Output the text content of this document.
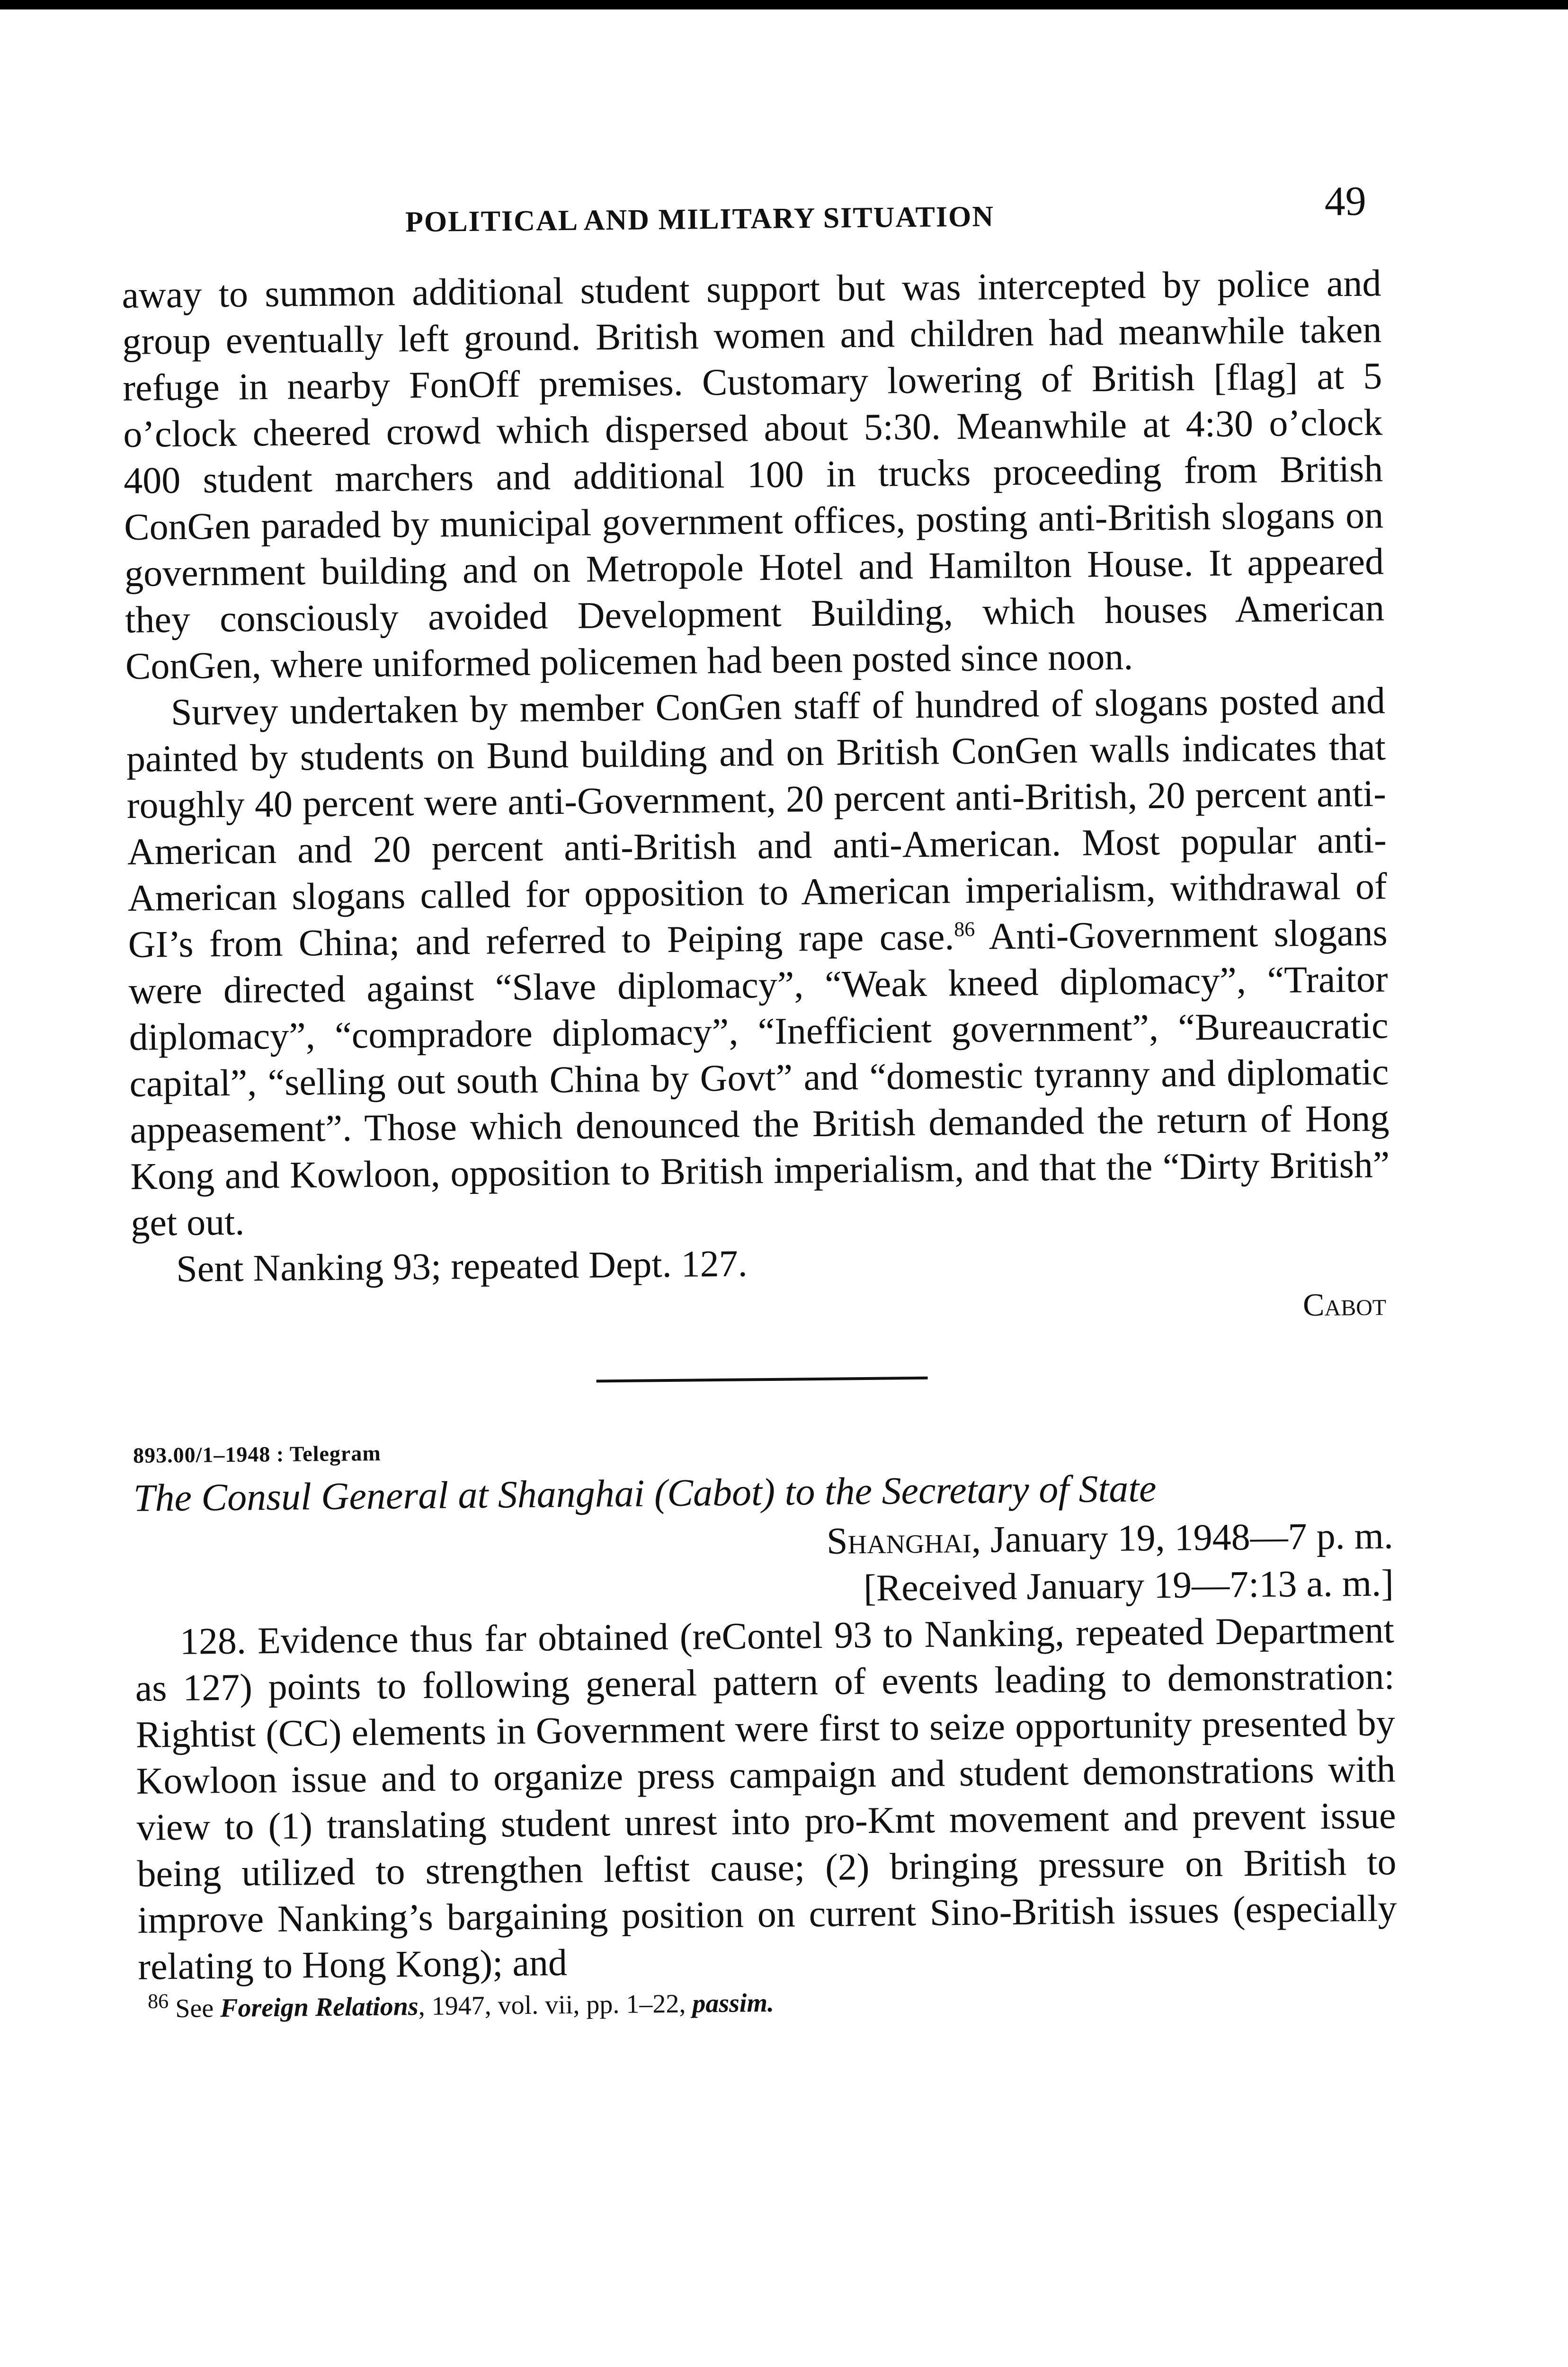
POLITICAL AND MILITARY SITUATION	49

away to summon additional student support but was intercepted by police and group eventually left ground. British women and children had meanwhile taken refuge in nearby FonOff premises. Customary lowering of British [flag] at 5 o’clock cheered crowd which dispersed about 5:30. Meanwhile at 4:30 o’clock 400 student marchers and additional 100 in trucks proceeding from British ConGen paraded by municipal government offices, posting anti-British slogans on government building and on Metropole Hotel and Hamilton House. It appeared they consciously avoided Development Building, which houses American ConGen, where uniformed policemen had been posted since noon.

Survey undertaken by member ConGen staff of hundred of slogans posted and painted by students on Bund building and on British ConGen walls indicates that roughly 40 percent were anti-Government, 20 percent anti-British, 20 percent anti-American and 20 percent anti-British and anti-American. Most popular anti-American slogans called for opposition to American imperialism, withdrawal of GI’s from China; and referred to Peiping rape case.$^{86}$ Anti-Government slogans were directed against “Slave diplomacy”, “Weak kneed diplomacy”, “Traitor diplomacy”, “compradore diplomacy”, “Inefficient government”, “Bureaucratic capital”, “selling out south China by Govt” and “domestic tyranny and diplomatic appeasement”. Those which denounced the British demanded the return of Hong Kong and Kowloon, opposition to British imperialism, and that the “Dirty British” get out.

Sent Nanking 93; repeated Dept. 127.

Cabot

893.00/1–1948 : Telegram

The Consul General at Shanghai (Cabot) to the Secretary of State

Shanghai, January 19, 1948—7 p. m.

[Received January 19—7:13 a. m.]

128. Evidence thus far obtained (reContel 93 to Nanking, repeated Department as 127) points to following general pattern of events leading to demonstration: Rightist (CC) elements in Government were first to seize opportunity presented by Kowloon issue and to organize press campaign and student demonstrations with view to (1) translating student unrest into pro-Kmt movement and prevent issue being utilized to strengthen leftist cause; (2) bringing pressure on British to improve Nanking’s bargaining position on current Sino-British issues (especially relating to Hong Kong); and

$^{86}$ See Foreign Relations, 1947, vol. vii, pp. 1–22, passim.
